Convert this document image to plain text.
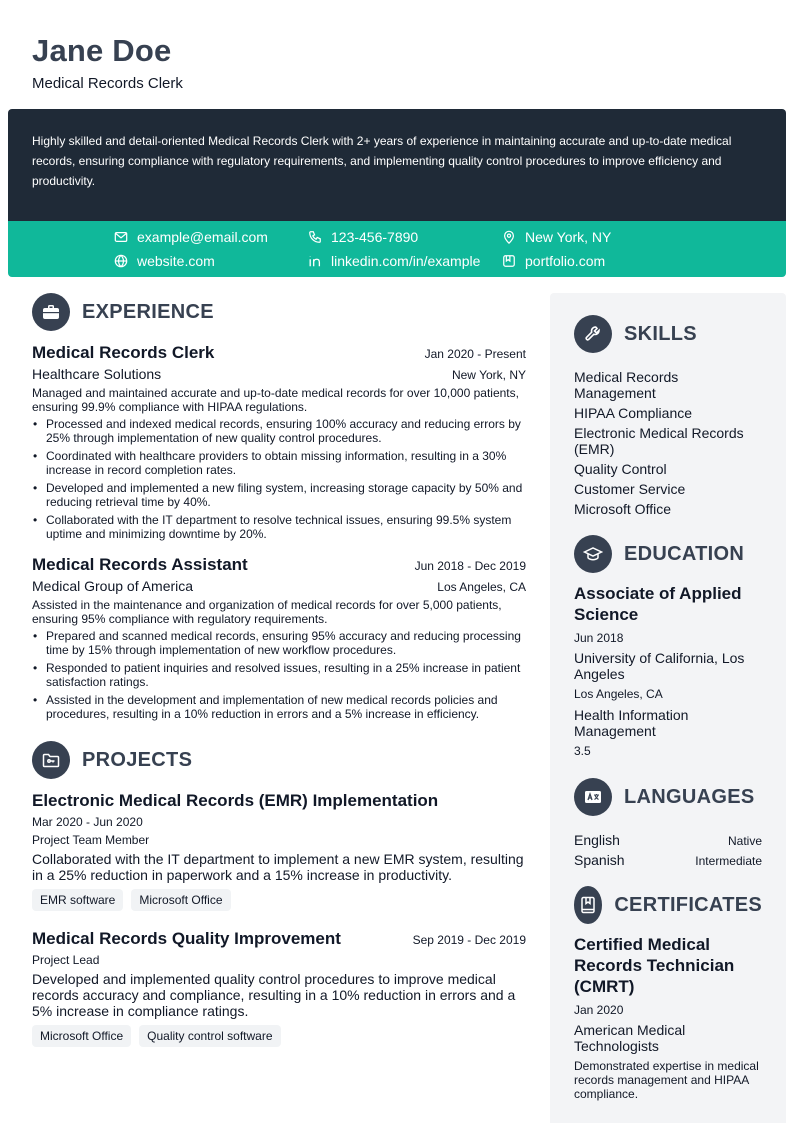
Jane Doe
Medical Records Clerk
Highly skilled and detail-oriented Medical Records Clerk with 2+ years of experience in maintaining accurate and up-to-date medical records, ensuring compliance with regulatory requirements, and implementing quality control procedures to improve efficiency and productivity.
example@email.com	123-456-7890	New York, NY
website.com	linkedin.com/in/example	portfolio.com
EXPERIENCE
Medical Records Clerk	Jan 2020 - Present
Healthcare Solutions	New York, NY
Managed and maintained accurate and up-to-date medical records for over 10,000 patients, ensuring 99.9% compliance with HIPAA regulations.
• Processed and indexed medical records, ensuring 100% accuracy and reducing errors by 25% through implementation of new quality control procedures.
• Coordinated with healthcare providers to obtain missing information, resulting in a 30% increase in record completion rates.
• Developed and implemented a new filing system, increasing storage capacity by 50% and reducing retrieval time by 40%.
• Collaborated with the IT department to resolve technical issues, ensuring 99.5% system uptime and minimizing downtime by 20%.
Medical Records Assistant	Jun 2018 - Dec 2019
Medical Group of America	Los Angeles, CA
Assisted in the maintenance and organization of medical records for over 5,000 patients, ensuring 95% compliance with regulatory requirements.
• Prepared and scanned medical records, ensuring 95% accuracy and reducing processing time by 15% through implementation of new workflow procedures.
• Responded to patient inquiries and resolved issues, resulting in a 25% increase in patient satisfaction ratings.
• Assisted in the development and implementation of new medical records policies and procedures, resulting in a 10% reduction in errors and a 5% increase in efficiency.
PROJECTS
Electronic Medical Records (EMR) Implementation
Mar 2020 - Jun 2020
Project Team Member
Collaborated with the IT department to implement a new EMR system, resulting in a 25% reduction in paperwork and a 15% increase in productivity.
EMR software	Microsoft Office
Medical Records Quality Improvement	Sep 2019 - Dec 2019
Project Lead
Developed and implemented quality control procedures to improve medical records accuracy and compliance, resulting in a 10% reduction in errors and a 5% increase in compliance ratings.
Microsoft Office	Quality control software
SKILLS
Medical Records Management
HIPAA Compliance
Electronic Medical Records (EMR)
Quality Control
Customer Service
Microsoft Office
EDUCATION
Associate of Applied Science
Jun 2018
University of California, Los Angeles
Los Angeles, CA
Health Information Management
3.5
LANGUAGES
English	Native
Spanish	Intermediate
CERTIFICATES
Certified Medical Records Technician (CMRT)
Jan 2020
American Medical Technologists
Demonstrated expertise in medical records management and HIPAA compliance.
